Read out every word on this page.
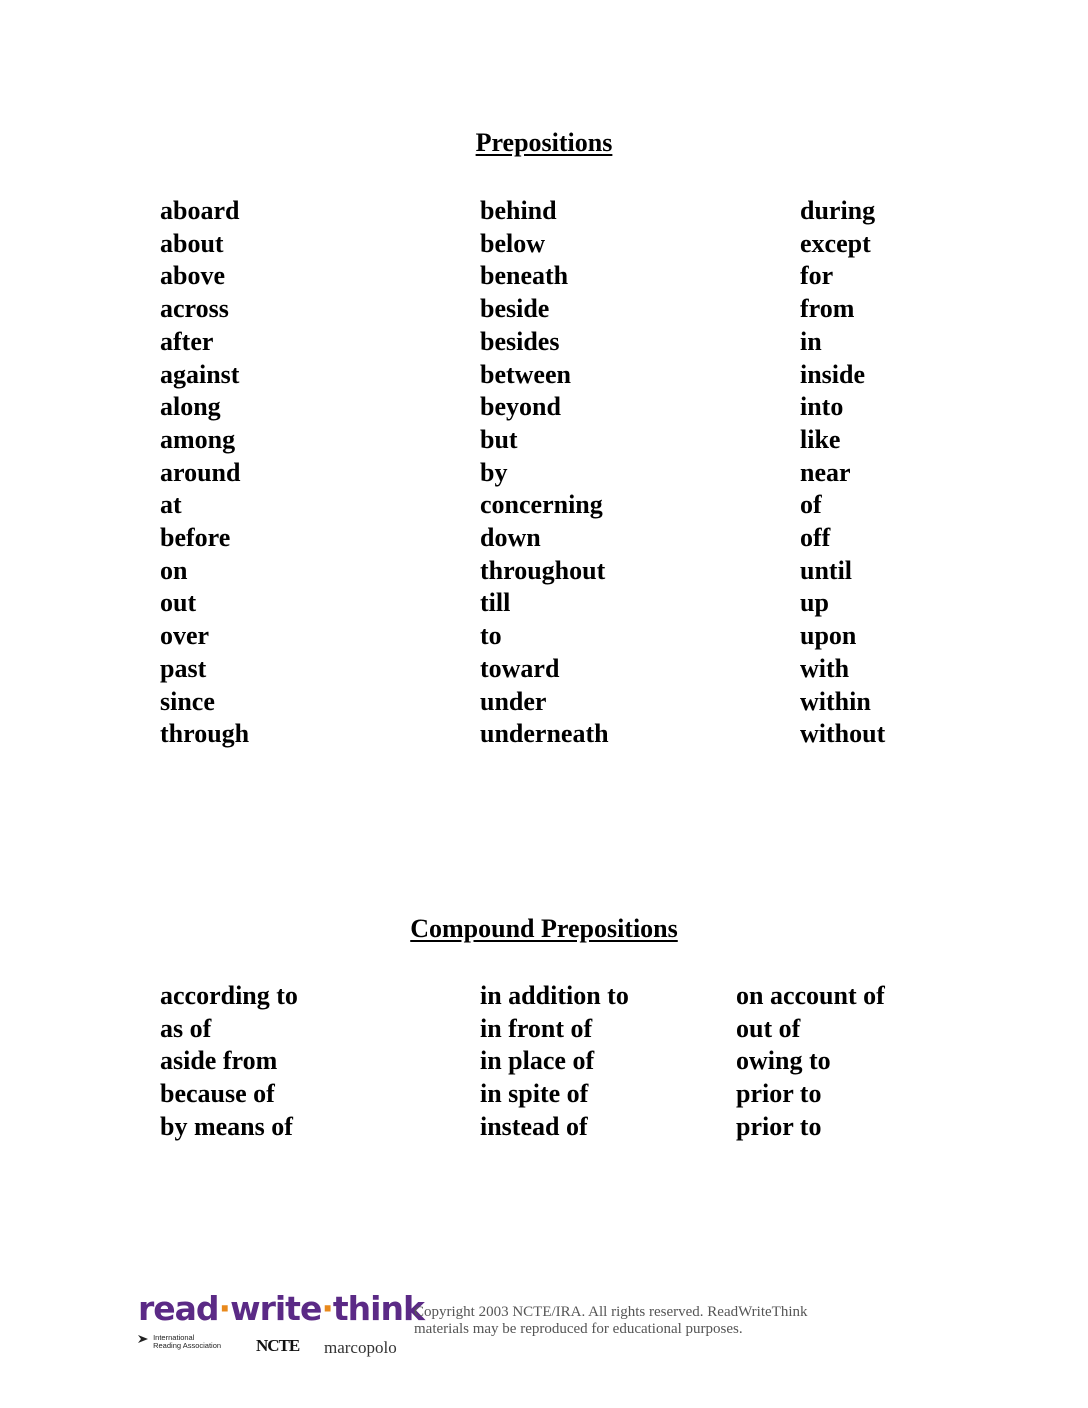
Prepositions
aboard
about
above
across
after
against
along
among
around
at
before
on
out
over
past
since
through
behind
below
beneath
beside
besides
between
beyond
but
by
concerning
down
throughout
till
to
toward
under
underneath
during
except
for
from
in
inside
into
like
near
of
off
until
up
upon
with
within
without
Compound Prepositions
according to
as of
aside from
because of
by means of
in addition to
in front of
in place of
in spite of
instead of
on account of
out of
owing to
prior to
prior to
read·write·think
International
Reading Association NCTE marcopolo
Copyright 2003 NCTE/IRA. All rights reserved. ReadWriteThink
materials may be reproduced for educational purposes.
